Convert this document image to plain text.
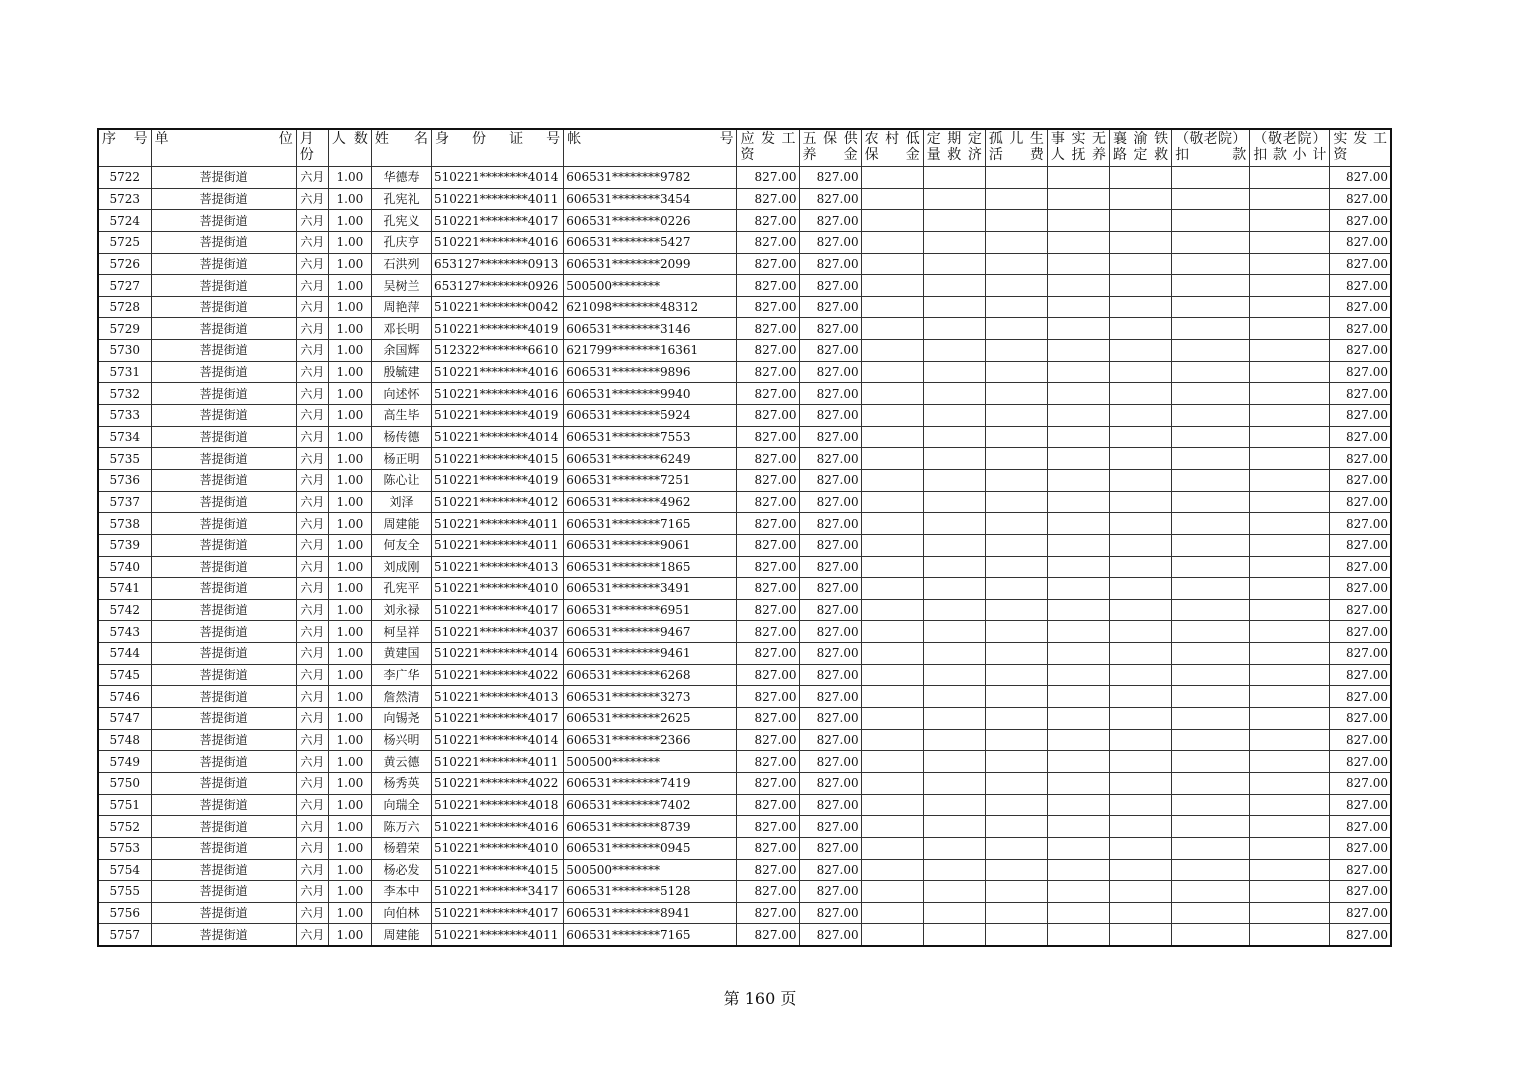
序　号	单　　　　位	月份	人 数	姓　名	身　份　证　号	帐　　　　号	应 发 工 资	五 保 供 养 金	农 村 低 保 金	定 期 定 量 救 济	孤 儿 生 活 费	事 实 无 人 抚 养	襄 渝 铁 路 定 救	（敬老院） 扣　　款	（敬老院） 扣 款 小 计	实 发 工 资
5722	菩提街道	六月	1.00	华德寿	510221********4014	606531********9782	827.00	827.00								827.00
5723	菩提街道	六月	1.00	孔宪礼	510221********4011	606531********3454	827.00	827.00								827.00
5724	菩提街道	六月	1.00	孔宪义	510221********4017	606531********0226	827.00	827.00								827.00
5725	菩提街道	六月	1.00	孔庆亨	510221********4016	606531********5427	827.00	827.00								827.00
5726	菩提街道	六月	1.00	石洪列	653127********0913	606531********2099	827.00	827.00								827.00
5727	菩提街道	六月	1.00	吴树兰	653127********0926	500500********	827.00	827.00								827.00
5728	菩提街道	六月	1.00	周艳萍	510221********0042	621098********48312	827.00	827.00								827.00
5729	菩提街道	六月	1.00	邓长明	510221********4019	606531********3146	827.00	827.00								827.00
5730	菩提街道	六月	1.00	余国辉	512322********6610	621799********16361	827.00	827.00								827.00
5731	菩提街道	六月	1.00	殷毓建	510221********4016	606531********9896	827.00	827.00								827.00
5732	菩提街道	六月	1.00	向述怀	510221********4016	606531********9940	827.00	827.00								827.00
5733	菩提街道	六月	1.00	高生毕	510221********4019	606531********5924	827.00	827.00								827.00
5734	菩提街道	六月	1.00	杨传德	510221********4014	606531********7553	827.00	827.00								827.00
5735	菩提街道	六月	1.00	杨正明	510221********4015	606531********6249	827.00	827.00								827.00
5736	菩提街道	六月	1.00	陈心让	510221********4019	606531********7251	827.00	827.00								827.00
5737	菩提街道	六月	1.00	刘泽	510221********4012	606531********4962	827.00	827.00								827.00
5738	菩提街道	六月	1.00	周建能	510221********4011	606531********7165	827.00	827.00								827.00
5739	菩提街道	六月	1.00	何友全	510221********4011	606531********9061	827.00	827.00								827.00
5740	菩提街道	六月	1.00	刘成刚	510221********4013	606531********1865	827.00	827.00								827.00
5741	菩提街道	六月	1.00	孔宪平	510221********4010	606531********3491	827.00	827.00								827.00
5742	菩提街道	六月	1.00	刘永禄	510221********4017	606531********6951	827.00	827.00								827.00
5743	菩提街道	六月	1.00	柯呈祥	510221********4037	606531********9467	827.00	827.00								827.00
5744	菩提街道	六月	1.00	黄建国	510221********4014	606531********9461	827.00	827.00								827.00
5745	菩提街道	六月	1.00	李广华	510221********4022	606531********6268	827.00	827.00								827.00
5746	菩提街道	六月	1.00	詹然清	510221********4013	606531********3273	827.00	827.00								827.00
5747	菩提街道	六月	1.00	向锡尧	510221********4017	606531********2625	827.00	827.00								827.00
5748	菩提街道	六月	1.00	杨兴明	510221********4014	606531********2366	827.00	827.00								827.00
5749	菩提街道	六月	1.00	黄云德	510221********4011	500500********	827.00	827.00								827.00
5750	菩提街道	六月	1.00	杨秀英	510221********4022	606531********7419	827.00	827.00								827.00
5751	菩提街道	六月	1.00	向瑞全	510221********4018	606531********7402	827.00	827.00								827.00
5752	菩提街道	六月	1.00	陈万六	510221********4016	606531********8739	827.00	827.00								827.00
5753	菩提街道	六月	1.00	杨碧荣	510221********4010	606531********0945	827.00	827.00								827.00
5754	菩提街道	六月	1.00	杨必发	510221********4015	500500********	827.00	827.00								827.00
5755	菩提街道	六月	1.00	李本中	510221********3417	606531********5128	827.00	827.00								827.00
5756	菩提街道	六月	1.00	向伯林	510221********4017	606531********8941	827.00	827.00								827.00
5757	菩提街道	六月	1.00	周建能	510221********4011	606531********7165	827.00	827.00								827.00
第 160 页
